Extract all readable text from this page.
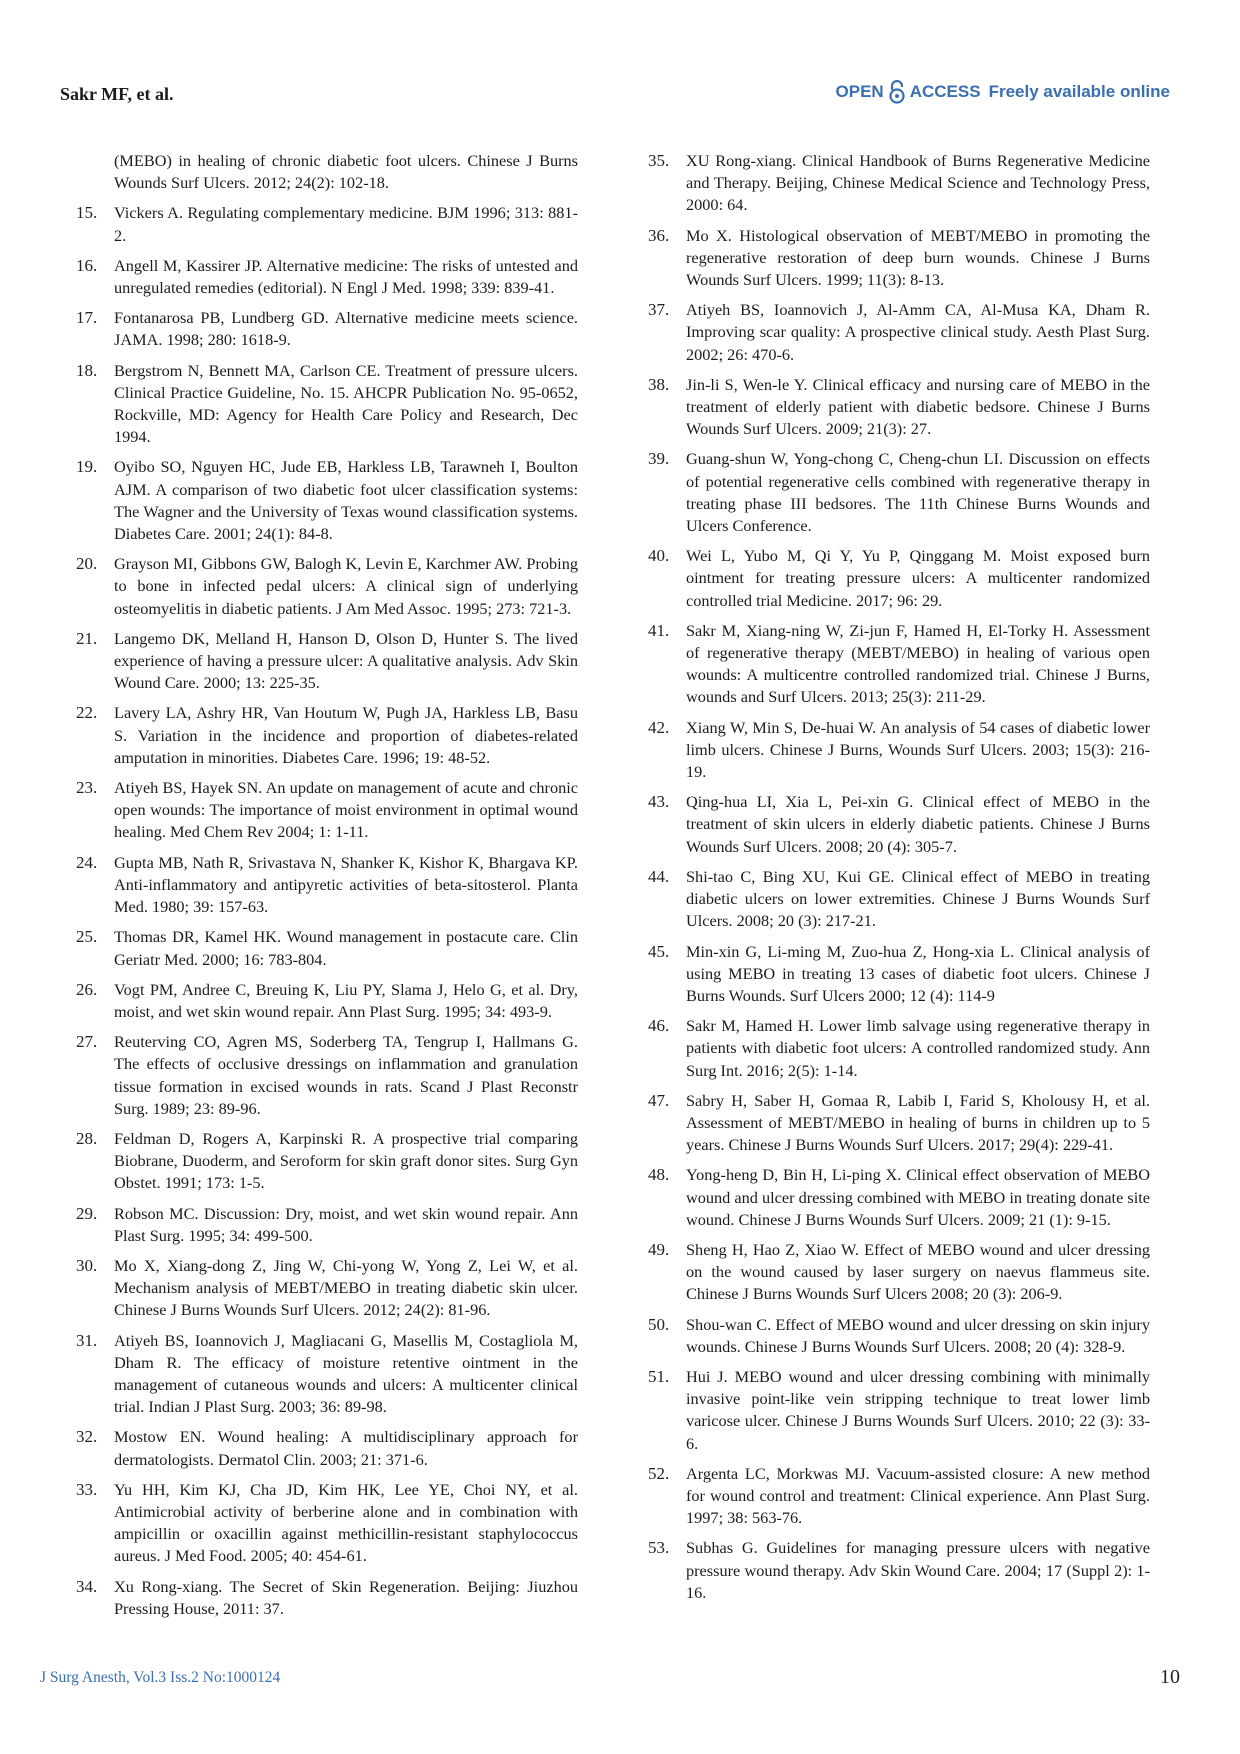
Sakr MF, et al.	OPEN ACCESS Freely available online
(MEBO) in healing of chronic diabetic foot ulcers. Chinese J Burns Wounds Surf Ulcers. 2012; 24(2): 102-18.
15. Vickers A. Regulating complementary medicine. BJM 1996; 313: 881-2.
16. Angell M, Kassirer JP. Alternative medicine: The risks of untested and unregulated remedies (editorial). N Engl J Med. 1998; 339: 839-41.
17. Fontanarosa PB, Lundberg GD. Alternative medicine meets science. JAMA. 1998; 280: 1618-9.
18. Bergstrom N, Bennett MA, Carlson CE. Treatment of pressure ulcers. Clinical Practice Guideline, No. 15. AHCPR Publication No. 95-0652, Rockville, MD: Agency for Health Care Policy and Research, Dec 1994.
19. Oyibo SO, Nguyen HC, Jude EB, Harkless LB, Tarawneh I, Boulton AJM. A comparison of two diabetic foot ulcer classification systems: The Wagner and the University of Texas wound classification systems. Diabetes Care. 2001; 24(1): 84-8.
20. Grayson MI, Gibbons GW, Balogh K, Levin E, Karchmer AW. Probing to bone in infected pedal ulcers: A clinical sign of underlying osteomyelitis in diabetic patients. J Am Med Assoc. 1995; 273: 721-3.
21. Langemo DK, Melland H, Hanson D, Olson D, Hunter S. The lived experience of having a pressure ulcer: A qualitative analysis. Adv Skin Wound Care. 2000; 13: 225-35.
22. Lavery LA, Ashry HR, Van Houtum W, Pugh JA, Harkless LB, Basu S. Variation in the incidence and proportion of diabetes-related amputation in minorities. Diabetes Care. 1996; 19: 48-52.
23. Atiyeh BS, Hayek SN. An update on management of acute and chronic open wounds: The importance of moist environment in optimal wound healing. Med Chem Rev 2004; 1: 1-11.
24. Gupta MB, Nath R, Srivastava N, Shanker K, Kishor K, Bhargava KP. Anti-inflammatory and antipyretic activities of beta-sitosterol. Planta Med. 1980; 39: 157-63.
25. Thomas DR, Kamel HK. Wound management in postacute care. Clin Geriatr Med. 2000; 16: 783-804.
26. Vogt PM, Andree C, Breuing K, Liu PY, Slama J, Helo G, et al. Dry, moist, and wet skin wound repair. Ann Plast Surg. 1995; 34: 493-9.
27. Reuterving CO, Agren MS, Soderberg TA, Tengrup I, Hallmans G. The effects of occlusive dressings on inflammation and granulation tissue formation in excised wounds in rats. Scand J Plast Reconstr Surg. 1989; 23: 89-96.
28. Feldman D, Rogers A, Karpinski R. A prospective trial comparing Biobrane, Duoderm, and Seroform for skin graft donor sites. Surg Gyn Obstet. 1991; 173: 1-5.
29. Robson MC. Discussion: Dry, moist, and wet skin wound repair. Ann Plast Surg. 1995; 34: 499-500.
30. Mo X, Xiang-dong Z, Jing W, Chi-yong W, Yong Z, Lei W, et al. Mechanism analysis of MEBT/MEBO in treating diabetic skin ulcer. Chinese J Burns Wounds Surf Ulcers. 2012; 24(2): 81-96.
31. Atiyeh BS, Ioannovich J, Magliacani G, Masellis M, Costagliola M, Dham R. The efficacy of moisture retentive ointment in the management of cutaneous wounds and ulcers: A multicenter clinical trial. Indian J Plast Surg. 2003; 36: 89-98.
32. Mostow EN. Wound healing: A multidisciplinary approach for dermatologists. Dermatol Clin. 2003; 21: 371-6.
33. Yu HH, Kim KJ, Cha JD, Kim HK, Lee YE, Choi NY, et al. Antimicrobial activity of berberine alone and in combination with ampicillin or oxacillin against methicillin-resistant staphylococcus aureus. J Med Food. 2005; 40: 454-61.
34. Xu Rong-xiang. The Secret of Skin Regeneration. Beijing: Jiuzhou Pressing House, 2011: 37.
35. XU Rong-xiang. Clinical Handbook of Burns Regenerative Medicine and Therapy. Beijing, Chinese Medical Science and Technology Press, 2000: 64.
36. Mo X. Histological observation of MEBT/MEBO in promoting the regenerative restoration of deep burn wounds. Chinese J Burns Wounds Surf Ulcers. 1999; 11(3): 8-13.
37. Atiyeh BS, Ioannovich J, Al-Amm CA, Al-Musa KA, Dham R. Improving scar quality: A prospective clinical study. Aesth Plast Surg. 2002; 26: 470-6.
38. Jin-li S, Wen-le Y. Clinical efficacy and nursing care of MEBO in the treatment of elderly patient with diabetic bedsore. Chinese J Burns Wounds Surf Ulcers. 2009; 21(3): 27.
39. Guang-shun W, Yong-chong C, Cheng-chun LI. Discussion on effects of potential regenerative cells combined with regenerative therapy in treating phase III bedsores. The 11th Chinese Burns Wounds and Ulcers Conference.
40. Wei L, Yubo M, Qi Y, Yu P, Qinggang M. Moist exposed burn ointment for treating pressure ulcers: A multicenter randomized controlled trial Medicine. 2017; 96: 29.
41. Sakr M, Xiang-ning W, Zi-jun F, Hamed H, El-Torky H. Assessment of regenerative therapy (MEBT/MEBO) in healing of various open wounds: A multicentre controlled randomized trial. Chinese J Burns, wounds and Surf Ulcers. 2013; 25(3): 211-29.
42. Xiang W, Min S, De-huai W. An analysis of 54 cases of diabetic lower limb ulcers. Chinese J Burns, Wounds Surf Ulcers. 2003; 15(3): 216-19.
43. Qing-hua LI, Xia L, Pei-xin G. Clinical effect of MEBO in the treatment of skin ulcers in elderly diabetic patients. Chinese J Burns Wounds Surf Ulcers. 2008; 20 (4): 305-7.
44. Shi-tao C, Bing XU, Kui GE. Clinical effect of MEBO in treating diabetic ulcers on lower extremities. Chinese J Burns Wounds Surf Ulcers. 2008; 20 (3): 217-21.
45. Min-xin G, Li-ming M, Zuo-hua Z, Hong-xia L. Clinical analysis of using MEBO in treating 13 cases of diabetic foot ulcers. Chinese J Burns Wounds. Surf Ulcers 2000; 12 (4): 114-9
46. Sakr M, Hamed H. Lower limb salvage using regenerative therapy in patients with diabetic foot ulcers: A controlled randomized study. Ann Surg Int. 2016; 2(5): 1-14.
47. Sabry H, Saber H, Gomaa R, Labib I, Farid S, Kholousy H, et al. Assessment of MEBT/MEBO in healing of burns in children up to 5 years. Chinese J Burns Wounds Surf Ulcers. 2017; 29(4): 229-41.
48. Yong-heng D, Bin H, Li-ping X. Clinical effect observation of MEBO wound and ulcer dressing combined with MEBO in treating donate site wound. Chinese J Burns Wounds Surf Ulcers. 2009; 21 (1): 9-15.
49. Sheng H, Hao Z, Xiao W. Effect of MEBO wound and ulcer dressing on the wound caused by laser surgery on naevus flammeus site. Chinese J Burns Wounds Surf Ulcers 2008; 20 (3): 206-9.
50. Shou-wan C. Effect of MEBO wound and ulcer dressing on skin injury wounds. Chinese J Burns Wounds Surf Ulcers. 2008; 20 (4): 328-9.
51. Hui J. MEBO wound and ulcer dressing combining with minimally invasive point-like vein stripping technique to treat lower limb varicose ulcer. Chinese J Burns Wounds Surf Ulcers. 2010; 22 (3): 33-6.
52. Argenta LC, Morkwas MJ. Vacuum-assisted closure: A new method for wound control and treatment: Clinical experience. Ann Plast Surg. 1997; 38: 563-76.
53. Subhas G. Guidelines for managing pressure ulcers with negative pressure wound therapy. Adv Skin Wound Care. 2004; 17 (Suppl 2): 1-16.
J Surg Anesth, Vol.3 Iss.2 No:1000124	10
